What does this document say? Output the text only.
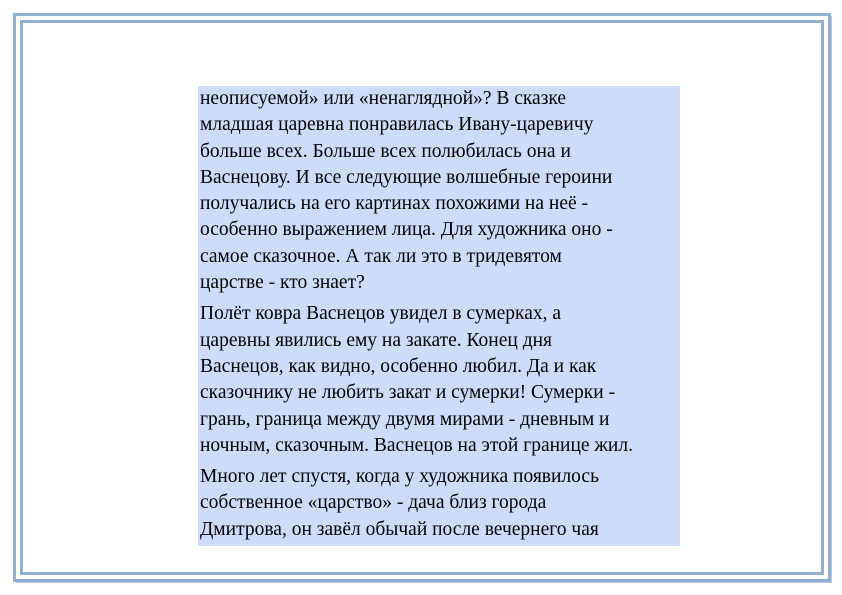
неописуемой» или «ненаглядной»? В сказке
младшая царевна понравилась Ивану-царевичу
больше всех. Больше всех полюбилась она и
Васнецову. И все следующие волшебные героини
получались на его картинах похожими на неё -
особенно выражением лица. Для художника оно -
самое сказочное. А так ли это в тридевятом
царстве - кто знает?

Полёт ковра Васнецов увидел в сумерках, а
царевны явились ему на закате. Конец дня
Васнецов, как видно, особенно любил. Да и как
сказочнику не любить закат и сумерки! Сумерки -
грань, граница между двумя мирами - дневным и
ночным, сказочным. Васнецов на этой границе жил.

Много лет спустя, когда у художника появилось
собственное «царство» - дача близ города
Дмитрова, он завёл обычай после вечернего чая
